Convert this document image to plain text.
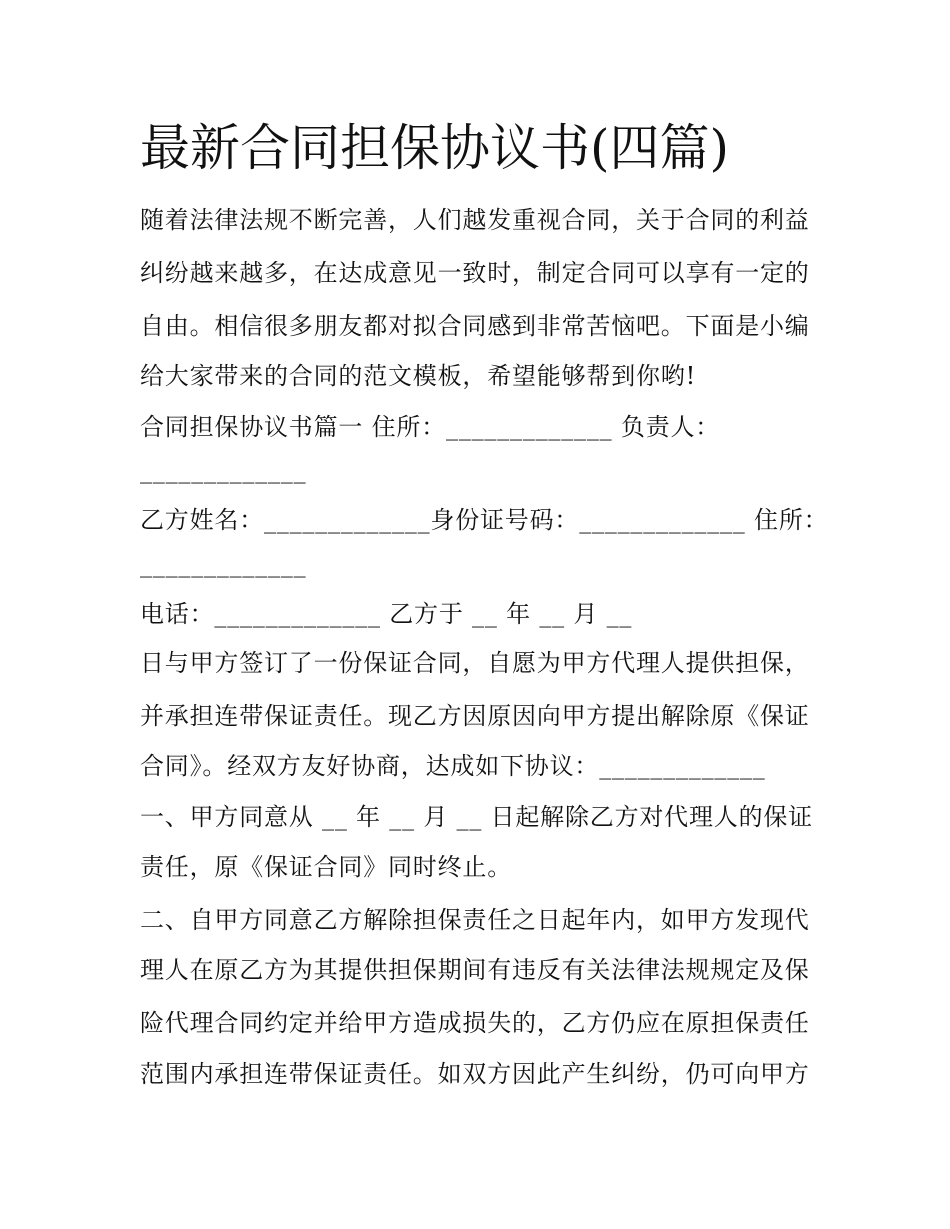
最新合同担保协议书(四篇)
随着法律法规不断完善，人们越发重视合同，关于合同的利益
纠纷越来越多，在达成意见一致时，制定合同可以享有一定的
自由。相信很多朋友都对拟合同感到非常苦恼吧。下面是小编
给大家带来的合同的范文模板，希望能够帮到你哟!
合同担保协议书篇一 住所：_____________ 负责人：
_____________
乙方姓名：_____________身份证号码：_____________ 住所：
_____________
电话：_____________ 乙方于 __ 年 __ 月 __
日与甲方签订了一份保证合同，自愿为甲方代理人提供担保，
并承担连带保证责任。现乙方因原因向甲方提出解除原《保证
合同》。经双方友好协商，达成如下协议：_____________
一、甲方同意从 __ 年 __ 月 __ 日起解除乙方对代理人的保证
责任，原《保证合同》同时终止。
二、自甲方同意乙方解除担保责任之日起年内，如甲方发现代
理人在原乙方为其提供担保期间有违反有关法律法规规定及保
险代理合同约定并给甲方造成损失的，乙方仍应在原担保责任
范围内承担连带保证责任。如双方因此产生纠纷，仍可向甲方
